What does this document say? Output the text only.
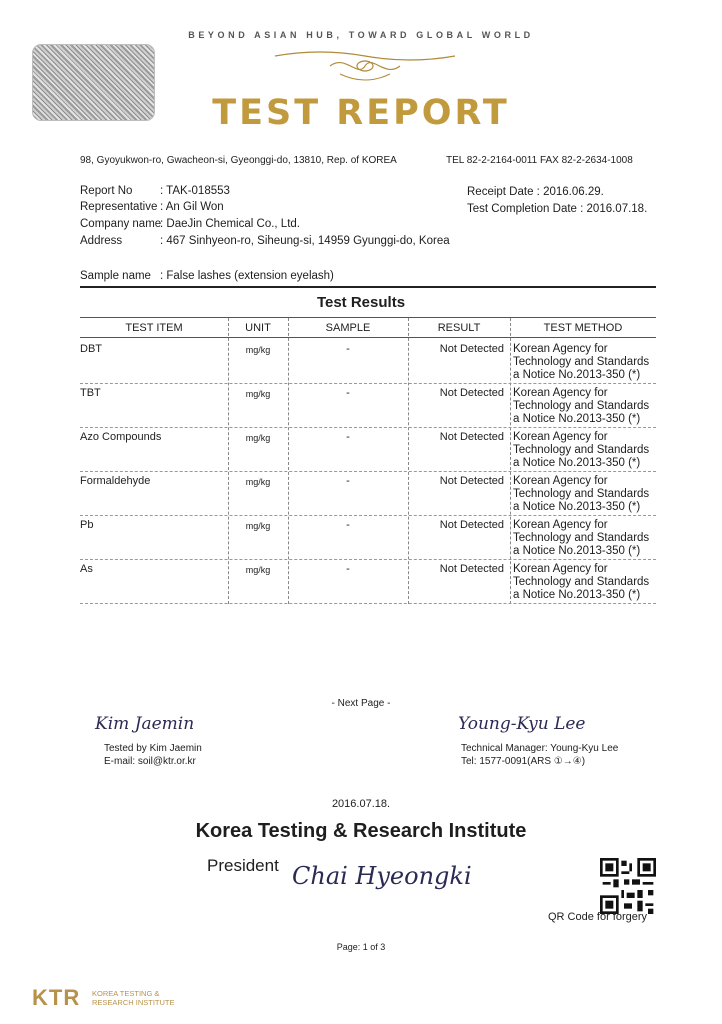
BEYOND ASIAN HUB, TOWARD GLOBAL WORLD
TEST REPORT
98, Gyoyukwon-ro, Gwacheon-si, Gyeonggi-do, 13810, Rep. of KOREA	TEL 82-2-2164-0011 FAX 82-2-2634-1008
Report No : TAK-018553
Representative : An Gil Won
Company name
: DaeJin Chemical Co., Ltd.
Address	: 467 Sinhyeon-ro, Siheung-si, 14959 Gyunggi-do, Korea
Receipt Date : 2016.06.29.
Test Completion Date : 2016.07.18.
Sample name : False lashes (extension eyelash)
Test Results
TEST ITEM	UNIT	SAMPLE	RESULT	TEST METHOD
DBT	mg/kg	-	Not Detected Korean Agency for
Technology and Standards
a Notice No.2013-350 (*)
TBT	mg/kg	-	Not Detected Korean Agency for
Technology and Standards
a Notice No.2013-350 (*)
Azo Compounds	mg/kg	-	Not Detected Korean Agency for
Technology and Standards
a Notice No.2013-350 (*)
Formaldehyde	mg/kg	-	Not Detected Korean Agency for
Technology and Standards
a Notice No.2013-350 (*)
Pb	mg/kg	-	Not Detected Korean Agency for
Technology and Standards
a Notice No.2013-350 (*)
As	mg/kg	-	Not Detected Korean Agency for
Technology and Standards
a Notice No.2013-350 (*)
- Next Page -
Kim Jaemin
Tested by Kim Jaemin
E-mail: soil@ktr.or.kr
Young-Kyu Lee
Technical Manager: Young-Kyu Lee
Tel: 1577-0091(ARS ①→④)
2016.07.18.
Korea Testing & Research Institute
President Chai Hyeongki
QR Code for forgery
Page: 1 of 3
KTR KOREA TESTING &
RESEARCH INSTITUTE
